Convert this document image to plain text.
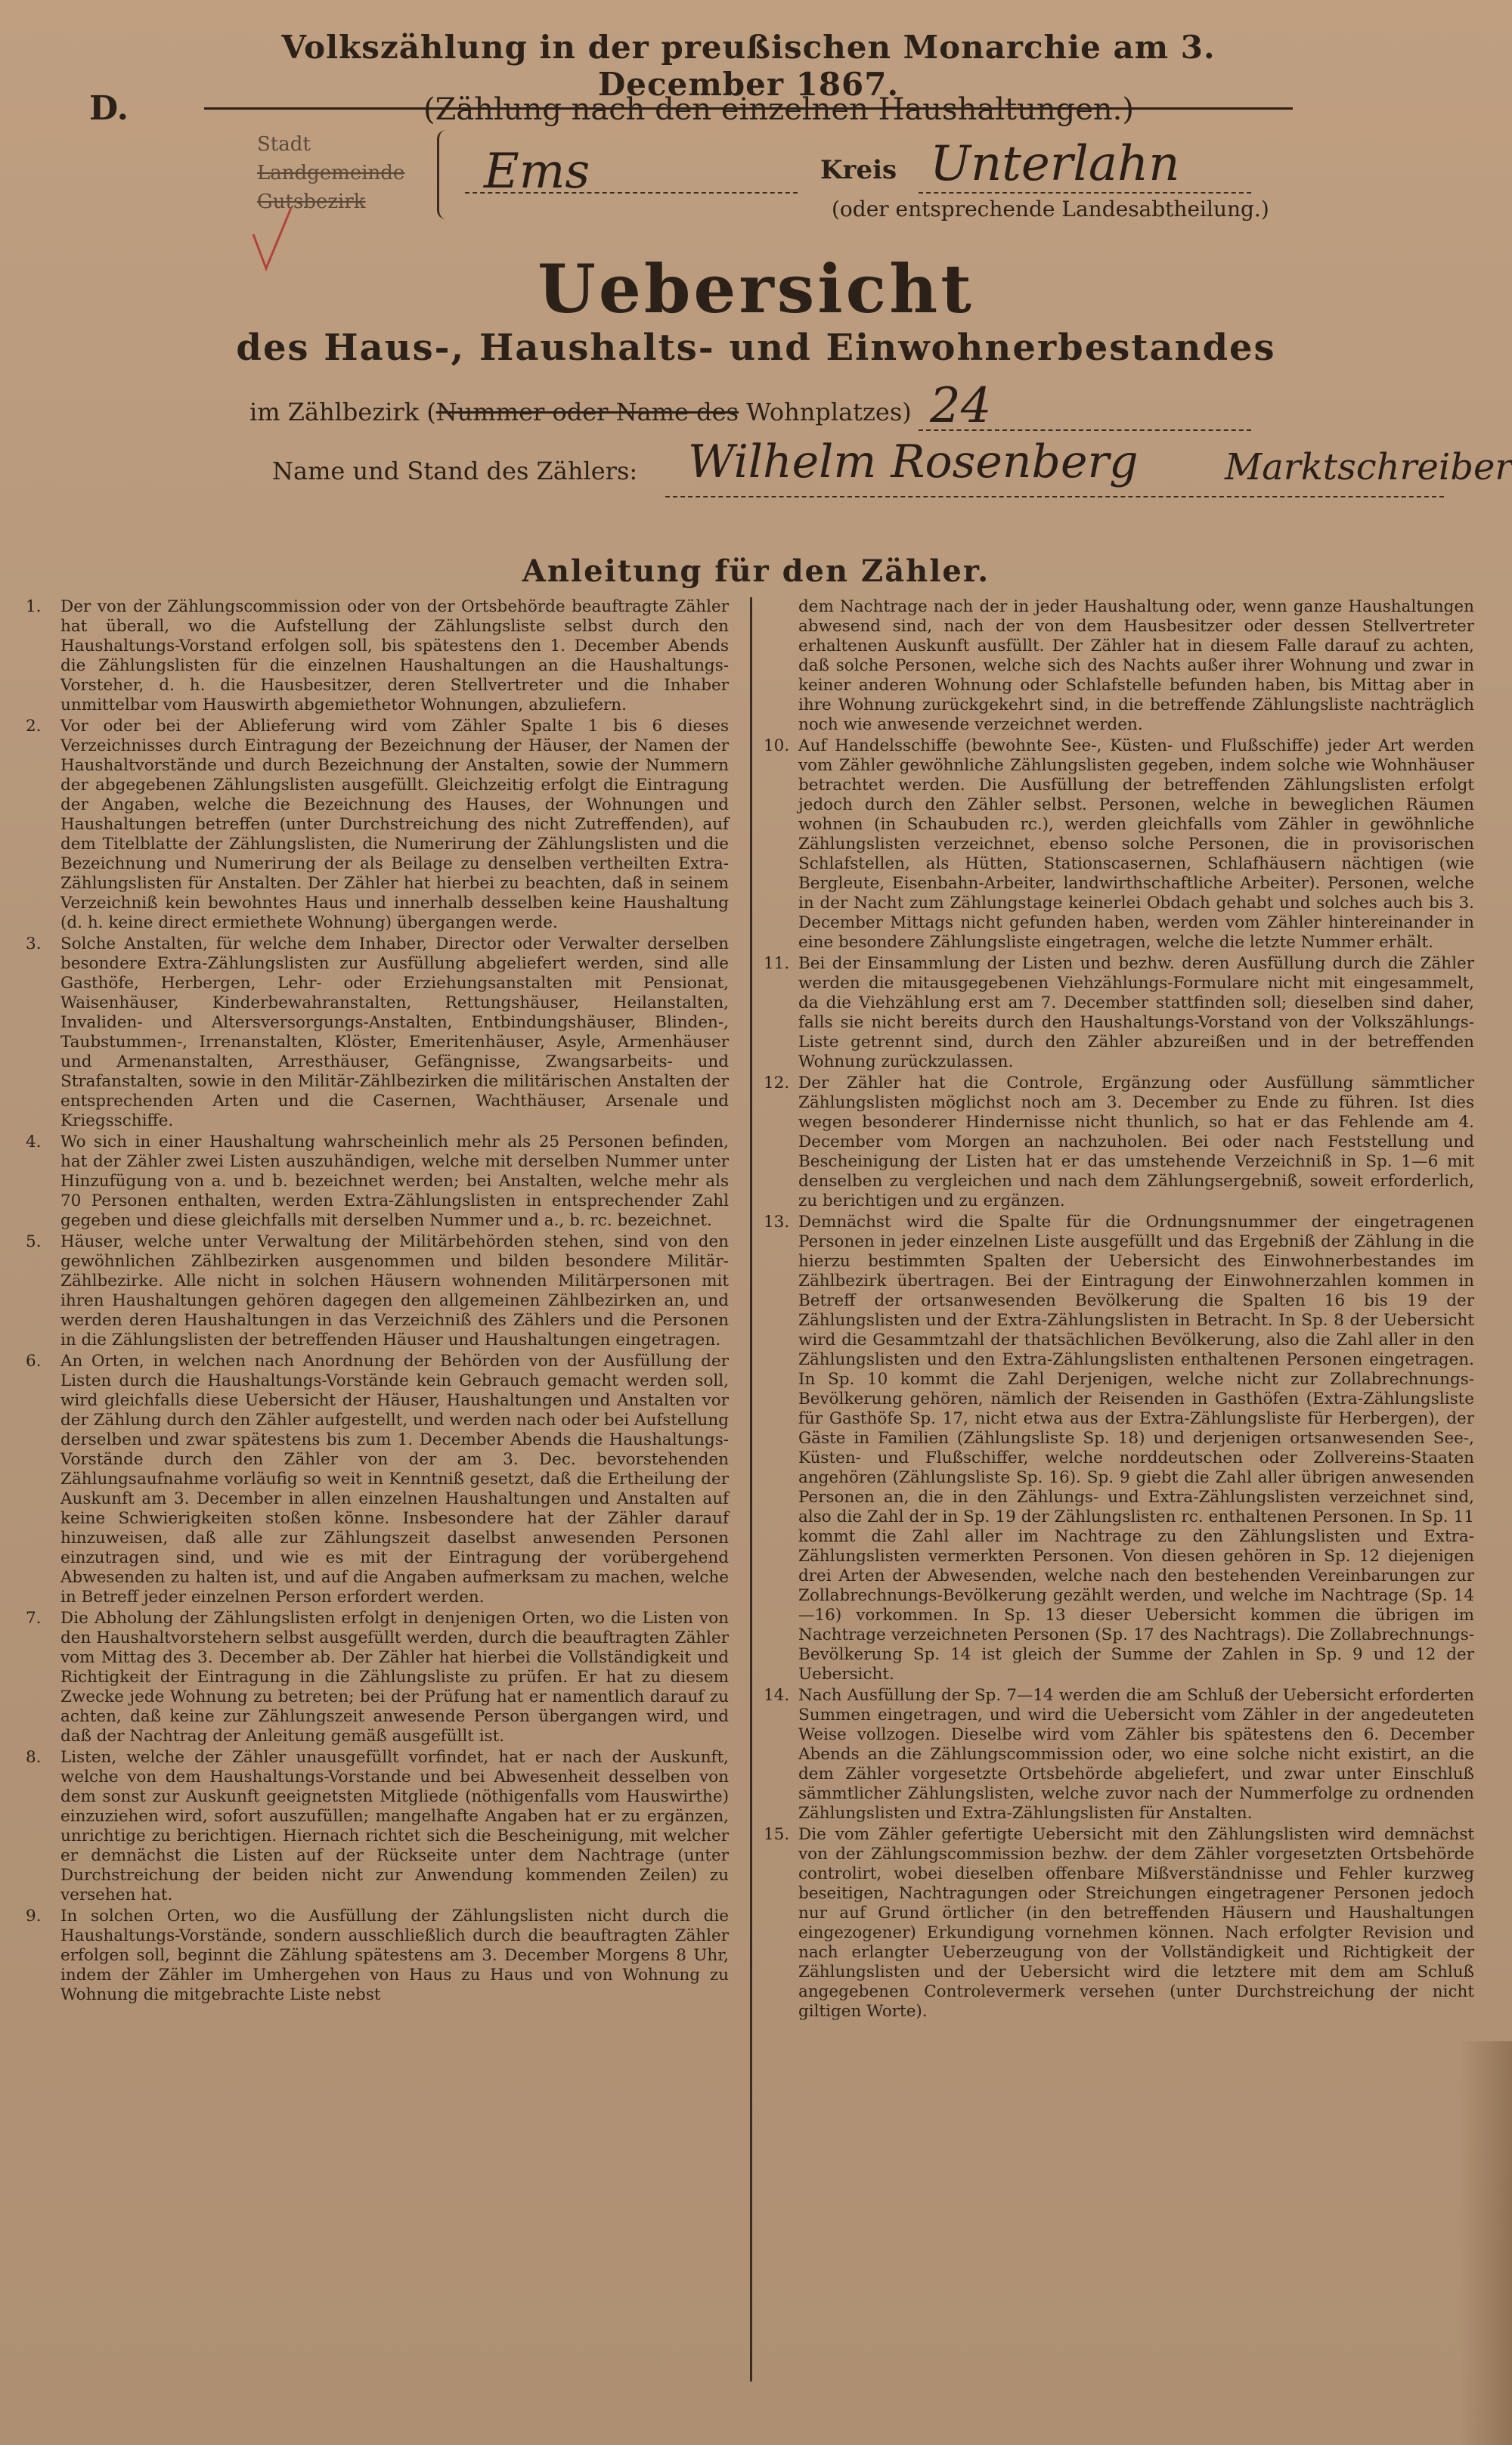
Volkszählung in der preußischen Monarchie am 3. December 1867.
D.	(Zählung nach den einzelnen Haushaltungen.)
Stadt
Landgemeinde
Gutsbezirk
Ems	Kreis Unterlahn
(oder entsprechende Landesabtheilung.)
Uebersicht
des Haus-, Haushalts- und Einwohnerbestandes
im Zählbezirk (Nummer oder Name des Wohnplatzes) 24
Name und Stand des Zählers: Wilhelm Rosenberg Marktschreiber
Anleitung für den Zähler.
1.	Der von der Zählungscommission oder von der Ortsbehörde beauftragte Zähler hat überall, wo die Aufstellung der Zählungsliste selbst durch den Haushaltungs-Vorstand erfolgen soll, bis spätestens den 1. December Abends die Zählungslisten für die einzelnen Haushaltungen an die Haushaltungs-Vorsteher, d. h. die Hausbesitzer, deren Stellvertreter und die Inhaber unmittelbar vom Hauswirth abgemiethetor Wohnungen, abzuliefern.
2.	Vor oder bei der Ablieferung wird vom Zähler Spalte 1 bis 6 dieses Verzeichnisses durch Eintragung der Bezeichnung der Häuser, der Namen der Haushaltvorstände und durch Bezeichnung der Anstalten, sowie der Nummern der abgegebenen Zählungslisten ausgefüllt. Gleichzeitig erfolgt die Eintragung der Angaben, welche die Bezeichnung des Hauses, der Wohnungen und Haushaltungen betreffen (unter Durchstreichung des nicht Zutreffenden), auf dem Titelblatte der Zählungslisten, die Numerirung der Zählungslisten und die Bezeichnung und Numerirung der als Beilage zu denselben vertheilten Extra-Zählungslisten für Anstalten. Der Zähler hat hierbei zu beachten, daß in seinem Verzeichniß kein bewohntes Haus und innerhalb desselben keine Haushaltung (d. h. keine direct ermiethete Wohnung) übergangen werde.
3.	Solche Anstalten, für welche dem Inhaber, Director oder Verwalter derselben besondere Extra-Zählungslisten zur Ausfüllung abgeliefert werden, sind alle Gasthöfe, Herbergen, Lehr- oder Erziehungsanstalten mit Pensionat, Waisenhäuser, Kinderbewahranstalten, Rettungshäuser, Heilanstalten, Invaliden- und Altersversorgungs-Anstalten, Entbindungshäuser, Blinden-, Taubstummen-, Irrenanstalten, Klöster, Emeritenhäuser, Asyle, Armenhäuser und Armenanstalten, Arresthäuser, Gefängnisse, Zwangsarbeits- und Strafanstalten, sowie in den Militär-Zählbezirken die militärischen Anstalten der entsprechenden Arten und die Casernen, Wachthäuser, Arsenale und Kriegsschiffe.
4.	Wo sich in einer Haushaltung wahrscheinlich mehr als 25 Personen befinden, hat der Zähler zwei Listen auszuhändigen, welche mit derselben Nummer unter Hinzufügung von a. und b. bezeichnet werden; bei Anstalten, welche mehr als 70 Personen enthalten, werden Extra-Zählungslisten in entsprechender Zahl gegeben und diese gleichfalls mit derselben Nummer und a., b. rc. bezeichnet.
5.	Häuser, welche unter Verwaltung der Militärbehörden stehen, sind von den gewöhnlichen Zählbezirken ausgenommen und bilden besondere Militär-Zählbezirke. Alle nicht in solchen Häusern wohnenden Militärpersonen mit ihren Haushaltungen gehören dagegen den allgemeinen Zählbezirken an, und werden deren Haushaltungen in das Verzeichniß des Zählers und die Personen in die Zählungslisten der betreffenden Häuser und Haushaltungen eingetragen.
6.	An Orten, in welchen nach Anordnung der Behörden von der Ausfüllung der Listen durch die Haushaltungs-Vorstände kein Gebrauch gemacht werden soll, wird gleichfalls diese Uebersicht der Häuser, Haushaltungen und Anstalten vor der Zählung durch den Zähler aufgestellt, und werden nach oder bei Aufstellung derselben und zwar spätestens bis zum 1. December Abends die Haushaltungs-Vorstände durch den Zähler von der am 3. Dec. bevorstehenden Zählungsaufnahme vorläufig so weit in Kenntniß gesetzt, daß die Ertheilung der Auskunft am 3. December in allen einzelnen Haushaltungen und Anstalten auf keine Schwierigkeiten stoßen könne. Insbesondere hat der Zähler darauf hinzuweisen, daß alle zur Zählungszeit daselbst anwesenden Personen einzutragen sind, und wie es mit der Eintragung der vorübergehend Abwesenden zu halten ist, und auf die Angaben aufmerksam zu machen, welche in Betreff jeder einzelnen Person erfordert werden.
7.	Die Abholung der Zählungslisten erfolgt in denjenigen Orten, wo die Listen von den Haushaltvorstehern selbst ausgefüllt werden, durch die beauftragten Zähler vom Mittag des 3. December ab. Der Zähler hat hierbei die Vollständigkeit und Richtigkeit der Eintragung in die Zählungsliste zu prüfen. Er hat zu diesem Zwecke jede Wohnung zu betreten; bei der Prüfung hat er namentlich darauf zu achten, daß keine zur Zählungszeit anwesende Person übergangen wird, und daß der Nachtrag der Anleitung gemäß ausgefüllt ist.
8.	Listen, welche der Zähler unausgefüllt vorfindet, hat er nach der Auskunft, welche von dem Haushaltungs-Vorstande und bei Abwesenheit desselben von dem sonst zur Auskunft geeignetsten Mitgliede (nöthigenfalls vom Hauswirthe) einzuziehen wird, sofort auszufüllen; mangelhafte Angaben hat er zu ergänzen, unrichtige zu berichtigen. Hiernach richtet sich die Bescheinigung, mit welcher er demnächst die Listen auf der Rückseite unter dem Nachtrage (unter Durchstreichung der beiden nicht zur Anwendung kommenden Zeilen) zu versehen hat.
9.	In solchen Orten, wo die Ausfüllung der Zählungslisten nicht durch die Haushaltungs-Vorstände, sondern ausschließlich durch die beauftragten Zähler erfolgen soll, beginnt die Zählung spätestens am 3. December Morgens 8 Uhr, indem der Zähler im Umhergehen von Haus zu Haus und von Wohnung zu Wohnung die mitgebrachte Liste nebst
dem Nachtrage nach der in jeder Haushaltung oder, wenn ganze Haushaltungen abwesend sind, nach der von dem Hausbesitzer oder dessen Stellvertreter erhaltenen Auskunft ausfüllt. Der Zähler hat in diesem Falle darauf zu achten, daß solche Personen, welche sich des Nachts außer ihrer Wohnung und zwar in keiner anderen Wohnung oder Schlafstelle befunden haben, bis Mittag aber in ihre Wohnung zurückgekehrt sind, in die betreffende Zählungsliste nachträglich noch wie anwesende verzeichnet werden.
10. Auf Handelsschiffe (bewohnte See-, Küsten- und Flußschiffe) jeder Art werden vom Zähler gewöhnliche Zählungslisten gegeben, indem solche wie Wohnhäuser betrachtet werden. Die Ausfüllung der betreffenden Zählungslisten erfolgt jedoch durch den Zähler selbst. Personen, welche in beweglichen Räumen wohnen (in Schaubuden rc.), werden gleichfalls vom Zähler in gewöhnliche Zählungslisten verzeichnet, ebenso solche Personen, die in provisorischen Schlafstellen, als Hütten, Stationscasernen, Schlafhäusern nächtigen (wie Bergleute, Eisenbahn-Arbeiter, landwirthschaftliche Arbeiter). Personen, welche in der Nacht zum Zählungstage keinerlei Obdach gehabt und solches auch bis 3. December Mittags nicht gefunden haben, werden vom Zähler hintereinander in eine besondere Zählungsliste eingetragen, welche die letzte Nummer erhält.
11. Bei der Einsammlung der Listen und bezhw. deren Ausfüllung durch die Zähler werden die mitausgegebenen Viehzählungs-Formulare nicht mit eingesammelt, da die Viehzählung erst am 7. December stattfinden soll; dieselben sind daher, falls sie nicht bereits durch den Haushaltungs-Vorstand von der Volkszählungs-Liste getrennt sind, durch den Zähler abzureißen und in der betreffenden Wohnung zurückzulassen.
12. Der Zähler hat die Controle, Ergänzung oder Ausfüllung sämmtlicher Zählungslisten möglichst noch am 3. December zu Ende zu führen. Ist dies wegen besonderer Hindernisse nicht thunlich, so hat er das Fehlende am 4. December vom Morgen an nachzuholen. Bei oder nach Feststellung und Bescheinigung der Listen hat er das umstehende Verzeichniß in Sp. 1—6 mit denselben zu vergleichen und nach dem Zählungsergebniß, soweit erforderlich, zu berichtigen und zu ergänzen.
13. Demnächst wird die Spalte für die Ordnungsnummer der eingetragenen Personen in jeder einzelnen Liste ausgefüllt und das Ergebniß der Zählung in die hierzu bestimmten Spalten der Uebersicht des Einwohnerbestandes im Zählbezirk übertragen. Bei der Eintragung der Einwohnerzahlen kommen in Betreff der ortsanwesenden Bevölkerung die Spalten 16 bis 19 der Zählungslisten und der Extra-Zählungslisten in Betracht. In Sp. 8 der Uebersicht wird die Gesammtzahl der thatsächlichen Bevölkerung, also die Zahl aller in den Zählungslisten und den Extra-Zählungslisten enthaltenen Personen eingetragen. In Sp. 10 kommt die Zahl Derjenigen, welche nicht zur Zollabrechnungs-Bevölkerung gehören, nämlich der Reisenden in Gasthöfen (Extra-Zählungsliste für Gasthöfe Sp. 17, nicht etwa aus der Extra-Zählungsliste für Herbergen), der Gäste in Familien (Zählungsliste Sp. 18) und derjenigen ortsanwesenden See-, Küsten- und Flußschiffer, welche norddeutschen oder Zollvereins-Staaten angehören (Zählungsliste Sp. 16). Sp. 9 giebt die Zahl aller übrigen anwesenden Personen an, die in den Zählungs- und Extra-Zählungslisten verzeichnet sind, also die Zahl der in Sp. 19 der Zählungslisten rc. enthaltenen Personen. In Sp. 11 kommt die Zahl aller im Nachtrage zu den Zählungslisten und Extra-Zählungslisten vermerkten Personen. Von diesen gehören in Sp. 12 diejenigen drei Arten der Abwesenden, welche nach den bestehenden Vereinbarungen zur Zollabrechnungs-Bevölkerung gezählt werden, und welche im Nachtrage (Sp. 14—16) vorkommen. In Sp. 13 dieser Uebersicht kommen die übrigen im Nachtrage verzeichneten Personen (Sp. 17 des Nachtrags). Die Zollabrechnungs-Bevölkerung Sp. 14 ist gleich der Summe der Zahlen in Sp. 9 und 12 der Uebersicht.
14. Nach Ausfüllung der Sp. 7—14 werden die am Schluß der Uebersicht erforderten Summen eingetragen, und wird die Uebersicht vom Zähler in der angedeuteten Weise vollzogen. Dieselbe wird vom Zähler bis spätestens den 6. December Abends an die Zählungscommission oder, wo eine solche nicht existirt, an die dem Zähler vorgesetzte Ortsbehörde abgeliefert, und zwar unter Einschluß sämmtlicher Zählungslisten, welche zuvor nach der Nummerfolge zu ordnenden Zählungslisten und Extra-Zählungslisten für Anstalten.
15. Die vom Zähler gefertigte Uebersicht mit den Zählungslisten wird demnächst von der Zählungscommission bezhw. der dem Zähler vorgesetzten Ortsbehörde controlirt, wobei dieselben offenbare Mißverständnisse und Fehler kurzweg beseitigen, Nachtragungen oder Streichungen eingetragener Personen jedoch nur auf Grund örtlicher (in den betreffenden Häusern und Haushaltungen eingezogener) Erkundigung vornehmen können. Nach erfolgter Revision und nach erlangter Ueberzeugung von der Vollständigkeit und Richtigkeit der Zählungslisten und der Uebersicht wird die letztere mit dem am Schluß angegebenen Controlevermerk versehen (unter Durchstreichung der nicht giltigen Worte).
